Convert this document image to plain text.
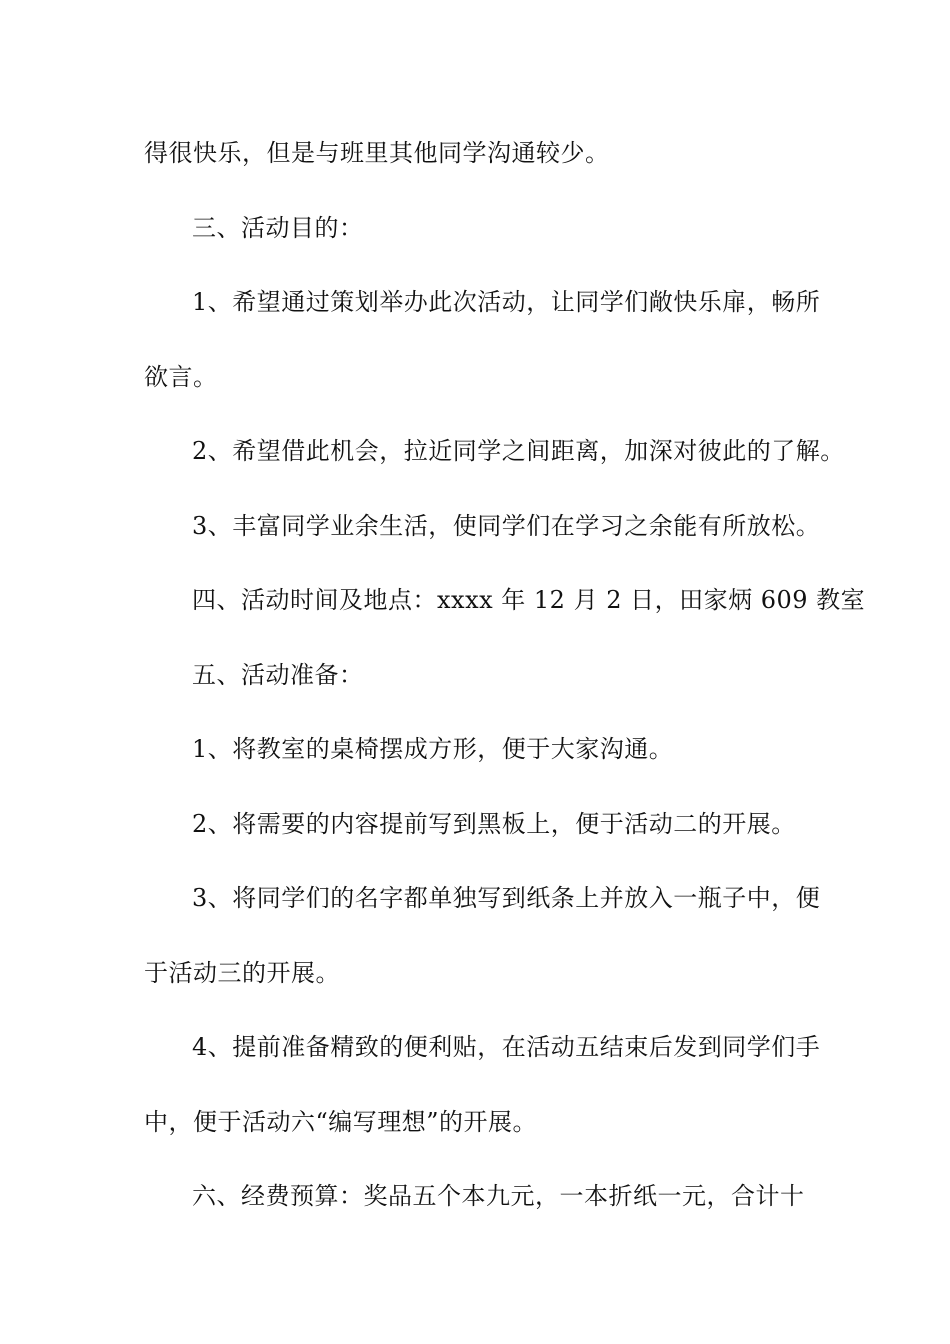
得很快乐，但是与班里其他同学沟通较少。
三、活动目的：
1、希望通过策划举办此次活动，让同学们敞快乐扉，畅所
欲言。
2、希望借此机会，拉近同学之间距离，加深对彼此的了解。
3、丰富同学业余生活，使同学们在学习之余能有所放松。
四、活动时间及地点：xxxx 年 12 月 2 日，田家炳 609 教室
五、活动准备：
1、将教室的桌椅摆成方形，便于大家沟通。
2、将需要的内容提前写到黑板上，便于活动二的开展。
3、将同学们的名字都单独写到纸条上并放入一瓶子中，便
于活动三的开展。
4、提前准备精致的便利贴，在活动五结束后发到同学们手
中，便于活动六“编写理想”的开展。
六、经费预算：奖品五个本九元，一本折纸一元，合计十
